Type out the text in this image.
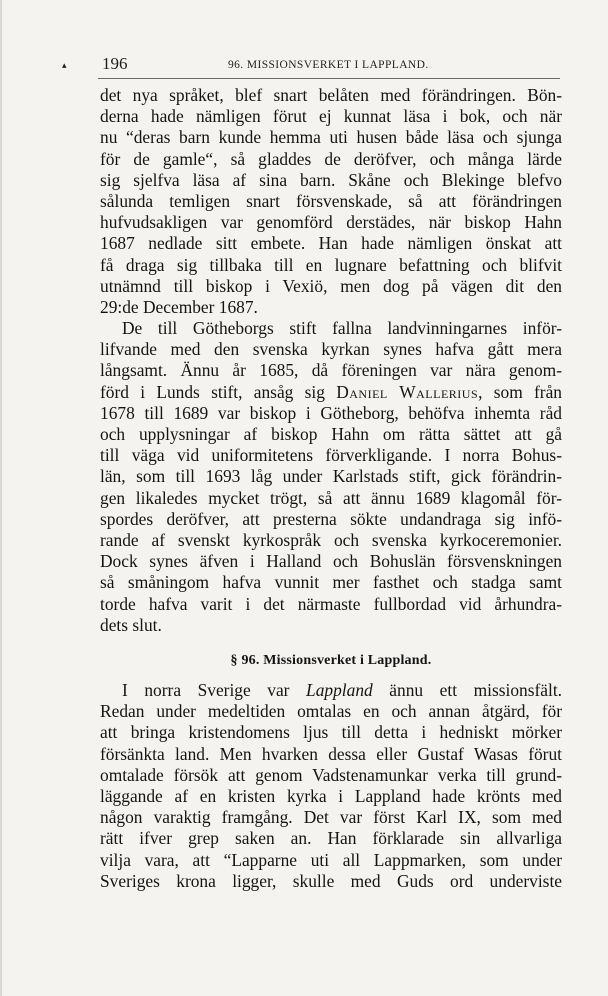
▴ 196	96. MISSIONSVERKET I LAPPLAND.
det nya språket, blef snart belåten med förändringen. Bön-
derna hade nämligen förut ej kunnat läsa i bok, och när
nu “deras barn kunde hemma uti husen både läsa och sjunga
för de gamle“, så gladdes de deröfver, och många lärde
sig sjelfva läsa af sina barn. Skåne och Blekinge blefvo
sålunda temligen snart försvenskade, så att förändringen
hufvudsakligen var genomförd derstädes, när biskop Hahn
1687 nedlade sitt embete. Han hade nämligen önskat att
få draga sig tillbaka till en lugnare befattning och blifvit
utnämnd till biskop i Vexiö, men dog på vägen dit den
29:de December 1687.
De till Götheborgs stift fallna landvinningarnes inför-
lifvande med den svenska kyrkan synes hafva gått mera
långsamt. Ännu år 1685, då föreningen var nära genom-
förd i Lunds stift, ansåg sig Daniel Wallerius, som från
1678 till 1689 var biskop i Götheborg, behöfva inhemta råd
och upplysningar af biskop Hahn om rätta sättet att gå
till väga vid uniformitetens förverkligande. I norra Bohus-
län, som till 1693 låg under Karlstads stift, gick förändrin-
gen likaledes mycket trögt, så att ännu 1689 klagomål för-
spordes deröfver, att presterna sökte undandraga sig infö-
rande af svenskt kyrkospråk och svenska kyrkoceremonier.
Dock synes äfven i Halland och Bohuslän försvenskningen
så småningom hafva vunnit mer fasthet och stadga samt
torde hafva varit i det närmaste fullbordad vid århundra-
dets slut.
§ 96. Missionsverket i Lappland.
I norra Sverige var Lappland ännu ett missionsfält.
Redan under medeltiden omtalas en och annan åtgärd, för
att bringa kristendomens ljus till detta i hedniskt mörker
försänkta land. Men hvarken dessa eller Gustaf Wasas förut
omtalade försök att genom Vadstenamunkar verka till grund-
läggande af en kristen kyrka i Lappland hade krönts med
någon varaktig framgång. Det var först Karl IX, som med
rätt ifver grep saken an. Han förklarade sin allvarliga
vilja vara, att “Lapparne uti all Lappmarken, som under
Sveriges krona ligger, skulle med Guds ord underviste
